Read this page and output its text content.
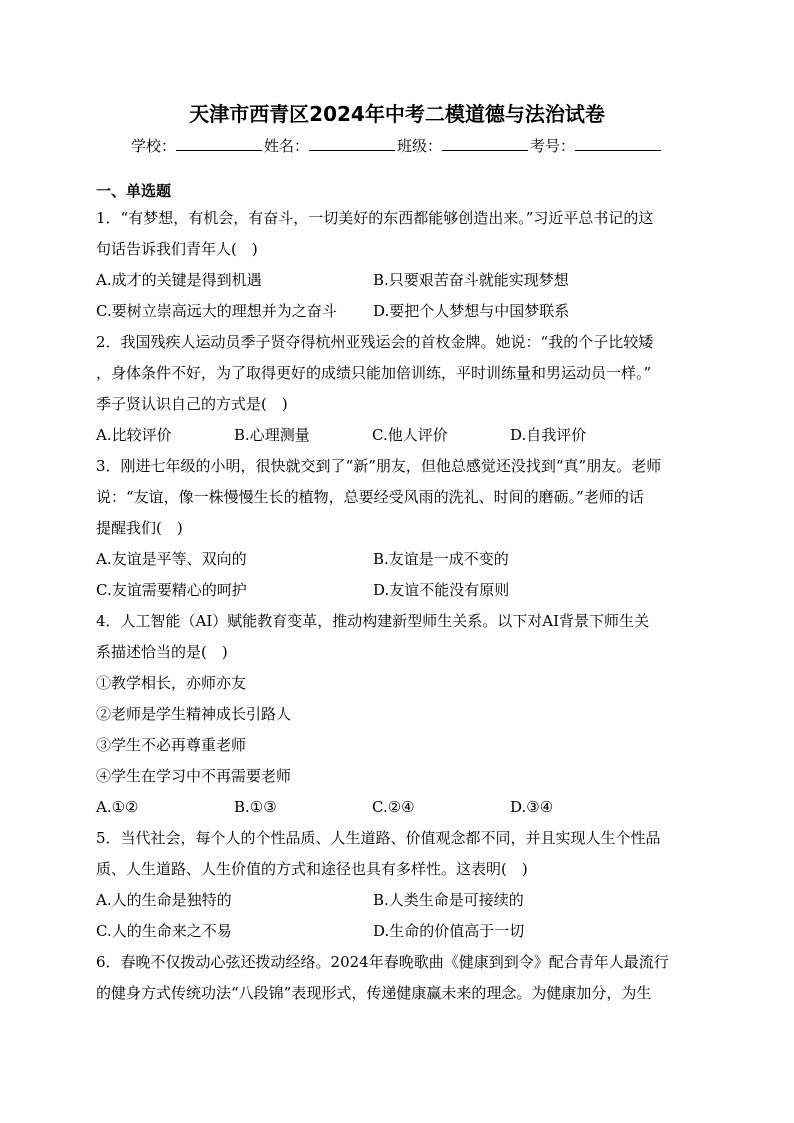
天津市西青区2024年中考二模道德与法治试卷
学校：	姓名：	班级：	考号：
一、单选题
1．“有梦想，有机会，有奋斗，一切美好的东西都能够创造出来。”习近平总书记的这
句话告诉我们青年人(　)
A.成才的关键是得到机遇	B.只要艰苦奋斗就能实现梦想
C.要树立崇高远大的理想并为之奋斗	D.要把个人梦想与中国梦联系
2．我国残疾人运动员季子贤夺得杭州亚残运会的首枚金牌。她说：“我的个子比较矮
，身体条件不好，为了取得更好的成绩只能加倍训练，平时训练量和男运动员一样。”
季子贤认识自己的方式是(　)
A.比较评价	B.心理测量	C.他人评价	D.自我评价
3．刚进七年级的小明，很快就交到了“新”朋友，但他总感觉还没找到“真”朋友。老师
说：“友谊，像一株慢慢生长的植物，总要经受风雨的洗礼、时间的磨砺。”老师的话
提醒我们(　)
A.友谊是平等、双向的	B.友谊是一成不变的
C.友谊需要精心的呵护	D.友谊不能没有原则
4．人工智能（AI）赋能教育变革，推动构建新型师生关系。以下对AI背景下师生关
系描述恰当的是(　)
①教学相长，亦师亦友
②老师是学生精神成长引路人
③学生不必再尊重老师
④学生在学习中不再需要老师
A.①②	B.①③	C.②④	D.③④
5．当代社会，每个人的个性品质、人生道路、价值观念都不同，并且实现人生个性品
质、人生道路、人生价值的方式和途径也具有多样性。这表明(　)
A.人的生命是独特的	B.人类生命是可接续的
C.人的生命来之不易	D.生命的价值高于一切
6．春晚不仅拨动心弦还拨动经络。2024年春晚歌曲《健康到到令》配合青年人最流行
的健身方式传统功法“八段锦”表现形式，传递健康赢未来的理念。为健康加分，为生
